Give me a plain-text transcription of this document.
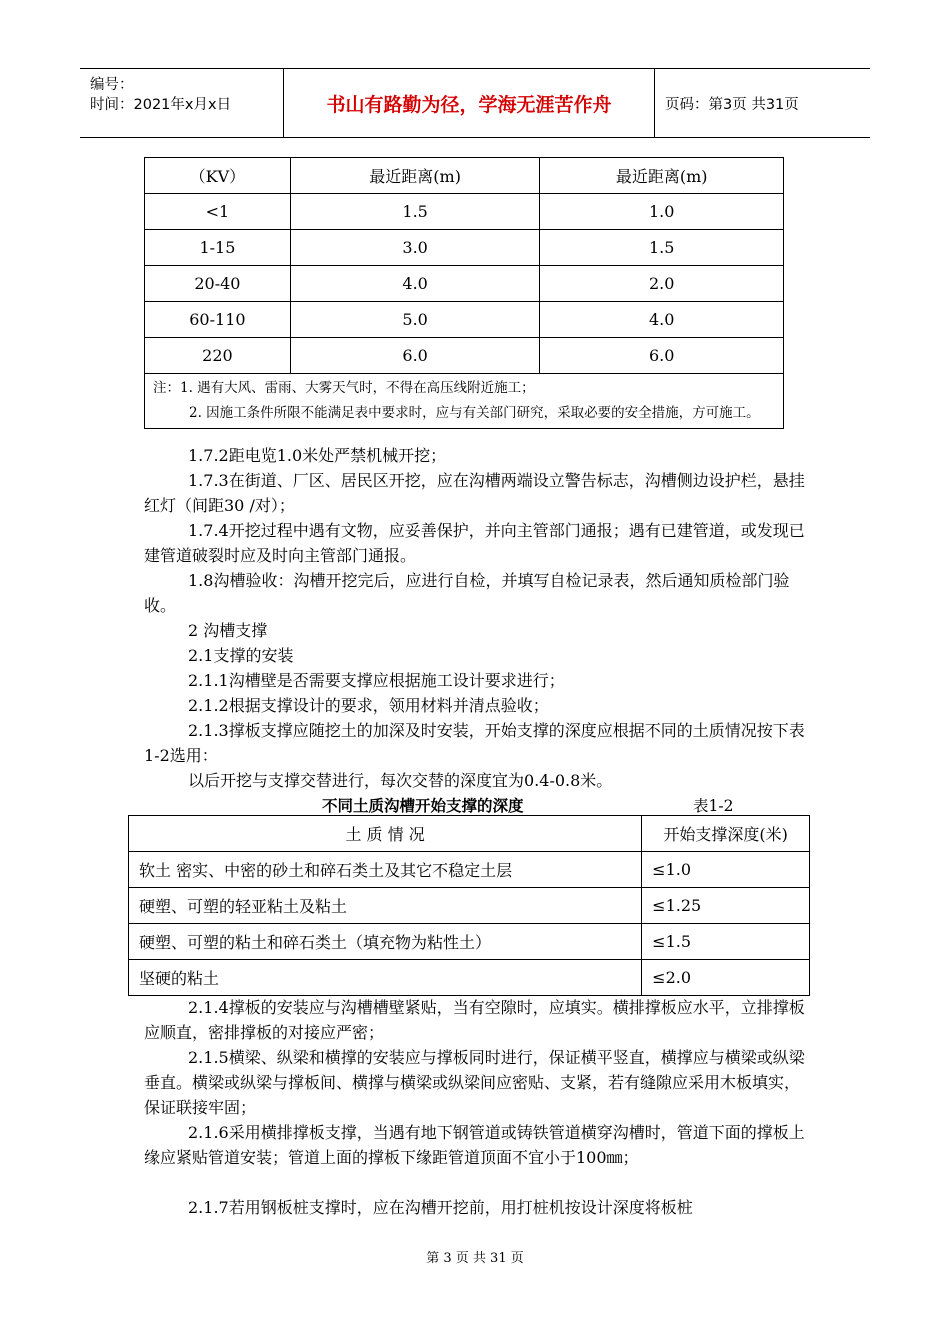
编号：
时间：2021年x月x日	书山有路勤为径，学海无涯苦作舟	页码：第3页 共31页
（KV）	最近距离(m)	最近距离(m)
<1	1.5	1.0
1-15	3.0	1.5
20-40	4.0	2.0
60-110	5.0	4.0
220	6.0	6.0

注：1. 遇有大风、雷雨、大雾天气时，不得在高压线附近施工；
2. 因施工条件所限不能满足表中要求时，应与有关部门研究，采取必要的安全措施，方可施工。		

1.7.2距电览1.0米处严禁机械开挖；

1.7.3在街道、厂区、居民区开挖，应在沟槽两端设立警告标志，沟槽侧边设护栏，悬挂红灯（间距30 /对）；

1.7.4开挖过程中遇有文物，应妥善保护，并向主管部门通报；遇有已建管道，或发现已建管道破裂时应及时向主管部门通报。

1.8沟槽验收：沟槽开挖完后，应进行自检，并填写自检记录表，然后通知质检部门验收。

2 沟槽支撑

2.1支撑的安装

2.1.1沟槽壁是否需要支撑应根据施工设计要求进行；

2.1.2根据支撑设计的要求，领用材料并清点验收；

2.1.3撑板支撑应随挖土的加深及时安装，开始支撑的深度应根据不同的土质情况按下表1-2选用：

以后开挖与支撑交替进行，每次交替的深度宜为0.4-0.8米。

不同土质沟槽开始支撑的深度	表1-2
土 质 情 况	开始支撑深度(米)
软土 密实、中密的砂土和碎石类土及其它不稳定土层	≤1.0
硬塑、可塑的轻亚粘土及粘土	≤1.25
硬塑、可塑的粘土和碎石类土（填充物为粘性土）	≤1.5
坚硬的粘土	≤2.0

2.1.4撑板的安装应与沟槽槽壁紧贴，当有空隙时，应填实。横排撑板应水平，立排撑板应顺直，密排撑板的对接应严密；

2.1.5横梁、纵梁和横撑的安装应与撑板同时进行，保证横平竖直，横撑应与横梁或纵梁垂直。横梁或纵梁与撑板间、横撑与横梁或纵梁间应密贴、支紧，若有缝隙应采用木板填实，保证联接牢固；

2.1.6采用横排撑板支撑，当遇有地下钢管道或铸铁管道横穿沟槽时，管道下面的撑板上缘应紧贴管道安装；管道上面的撑板下缘距管道顶面不宜小于100㎜；

2.1.7若用钢板桩支撑时，应在沟槽开挖前，用打桩机按设计深度将板桩

第 3 页 共 31 页
